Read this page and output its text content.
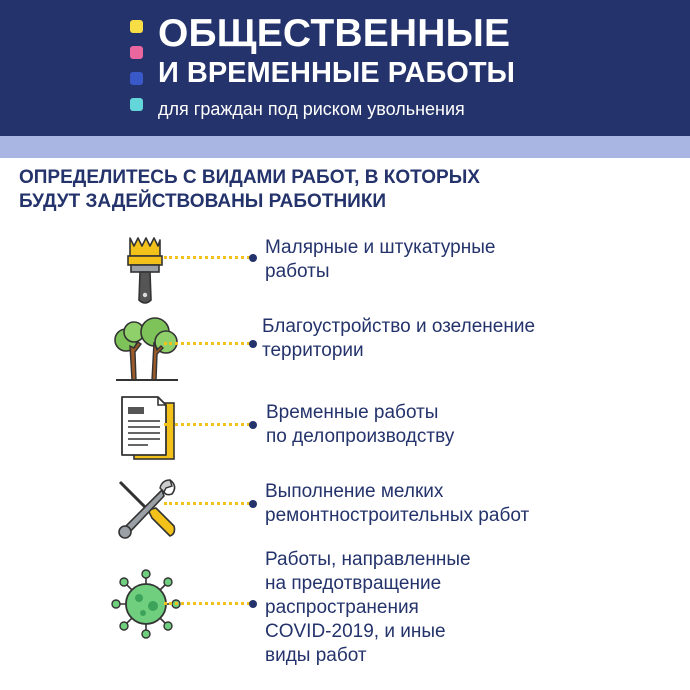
ОБЩЕСТВЕННЫЕ

И ВРЕМЕННЫЕ РАБОТЫ

для граждан под риском увольнения

ОПРЕДЕЛИТЕСЬ С ВИДАМИ РАБОТ, В КОТОРЫХ
БУДУТ ЗАДЕЙСТВОВАНЫ РАБОТНИКИ

Малярные и штукатурные
работы

Благоустройство и озеленение
территории

Временные работы
по делопроизводству

Выполнение мелких
ремонтностроительных работ

Работы, направленные
на предотвращение
распространения
COVID-2019, и иные
виды работ
